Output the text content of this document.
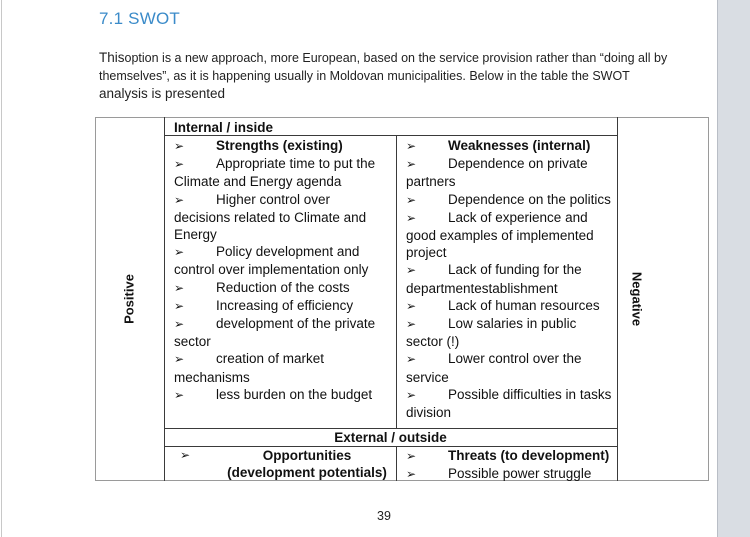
7.1 SWOT
Thisoption is a new approach, more European, based on the service provision rather than “doing all by themselves”, as it is happening usually in Moldovan municipalities. Below in the table the SWOT
analysis is presented
Positive	Negative
Internal / inside
➢ Strengths (existing)
➢ Appropriate time to put the Climate and Energy agenda
➢ Higher control over decisions related to Climate and Energy
➢ Policy development and control over implementation only
➢ Reduction of the costs
➢ Increasing of efficiency
➢ development of the private sector
➢ creation of market mechanisms
➢ less burden on the budget
➢ Weaknesses (internal)
➢ Dependence on private partners
➢ Dependence on the politics
➢ Lack of experience and good examples of implemented project
➢ Lack of funding for the departmentestablishment
➢ Lack of human resources
➢ Low salaries in public sector (!)
➢ Lower control over the service
➢ Possible difficulties in tasks division
External / outside
➢	Opportunities (development potentials)
➢ Threats (to development)
➢ Possible power struggle
39
